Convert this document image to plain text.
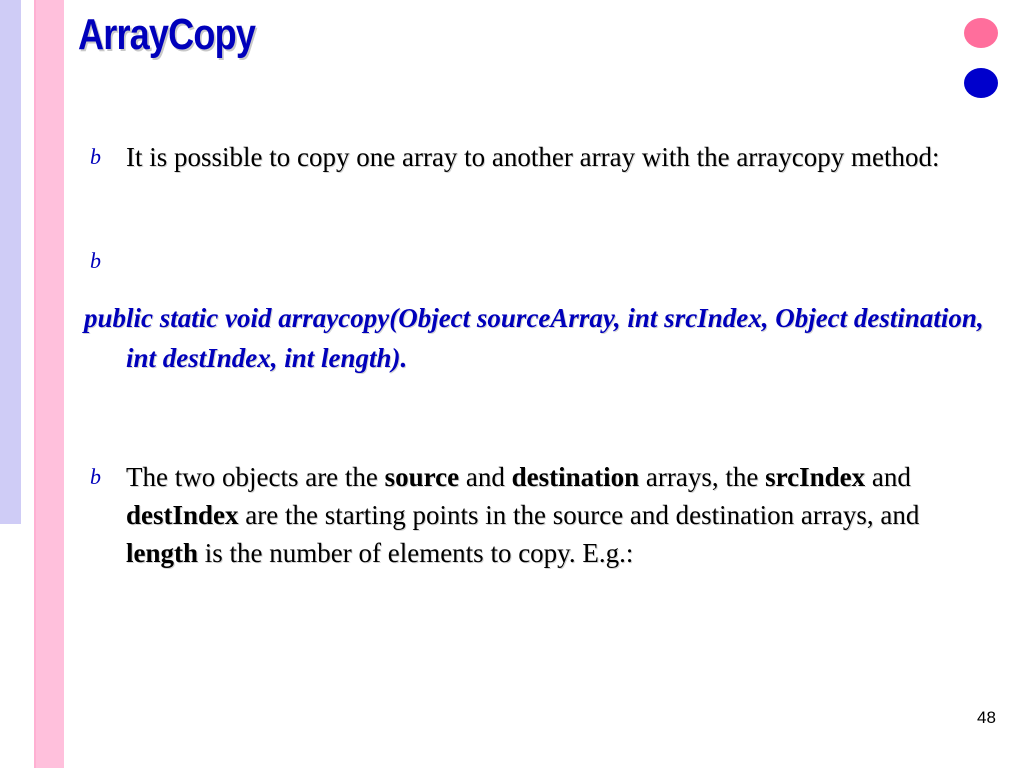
ArrayCopy
b It is possible to copy one array to another array with the arraycopy method:

b

public static void arraycopy(Object sourceArray, int srcIndex, Object destination, int destIndex, int length).

b The two objects are the source and destination arrays, the srcIndex and destIndex are the starting points in the source and destination arrays, and length is the number of elements to copy. E.g.:

48
